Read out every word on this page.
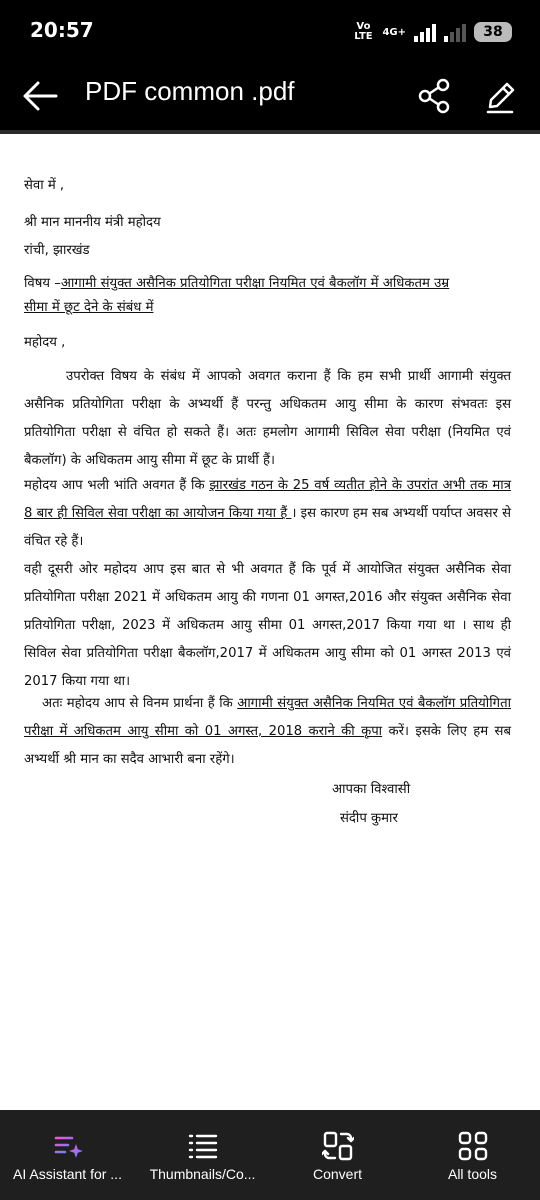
20:57	Vo LTE 4G+	38
PDF common .pdf
सेवा में ,
श्री मान माननीय मंत्री महोदय
रांची, झारखंड
विषय –आगामी संयुक्त असैनिक प्रतियोगिता परीक्षा नियमित एवं बैकलॉग में अधिकतम उम्र
सीमा में छूट देने के संबंध में
महोदय ,
उपरोक्त विषय के संबंध में आपको अवगत कराना हैं कि हम सभी प्रार्थी आगामी संयुक्त असैनिक प्रतियोगिता परीक्षा के अभ्यर्थी हैं परन्तु अधिकतम आयु सीमा के कारण संभवतः इस प्रतियोगिता परीक्षा से वंचित हो सकते हैं। अतः हमलोग आगामी सिविल सेवा परीक्षा (नियमित एवं बैकलॉग) के अधिकतम आयु सीमा में छूट के प्रार्थी हैं।
महोदय आप भली भांति अवगत हैं कि झारखंड गठन के 25 वर्ष व्यतीत होने के उपरांत अभी तक मात्र 8 बार ही सिविल सेवा परीक्षा का आयोजन किया गया हैं । इस कारण हम सब अभ्यर्थी पर्याप्त अवसर से वंचित रहे हैं।
वही दूसरी ओर महोदय आप इस बात से भी अवगत हैं कि पूर्व में आयोजित संयुक्त असैनिक सेवा प्रतियोगिता परीक्षा 2021 में अधिकतम आयु की गणना 01 अगस्त,2016 और संयुक्त असैनिक सेवा प्रतियोगिता परीक्षा, 2023 में अधिकतम आयु सीमा 01 अगस्त,2017 किया गया था । साथ ही सिविल सेवा प्रतियोगिता परीक्षा बैकलॉग,2017 में अधिकतम आयु सीमा को 01 अगस्त 2013 एवं 2017 किया गया था।
अतः महोदय आप से विनम प्रार्थना हैं कि आगामी संयुक्त असैनिक नियमित एवं बैकलॉग प्रतियोगिता परीक्षा में अधिकतम आयु सीमा को 01 अगस्त, 2018 कराने की कृपा करें। इसके लिए हम सब अभ्यर्थी श्री मान का सदैव आभारी बना रहेंगे।
आपका विश्वासी
संदीप कुमार
AI Assistant for ...	Thumbnails/Co...	Convert	All tools
